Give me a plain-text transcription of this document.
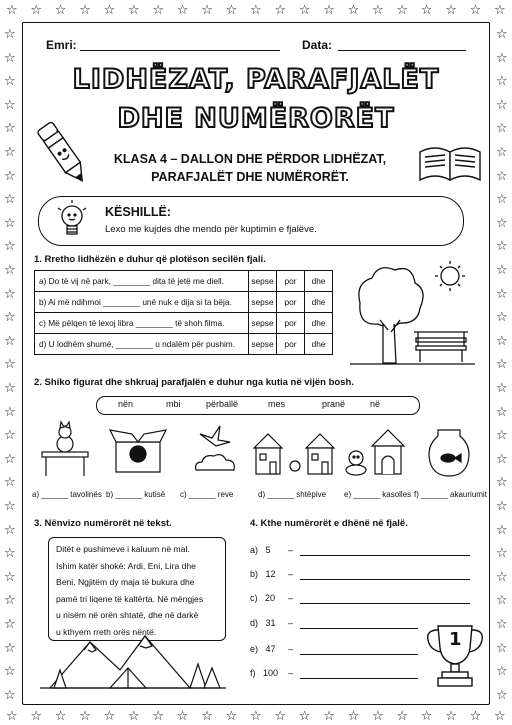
☆
☆
☆
☆
☆
☆
☆
☆
☆
☆
☆
☆
☆
☆
☆
☆
☆
☆
☆
☆
☆
☆
☆
☆
☆
☆
☆
☆
☆
☆
☆
☆
☆
☆
☆
☆
☆
☆
☆
☆
☆
☆
☆	☆
☆	☆
☆	☆
☆	☆
☆	☆
☆	☆
☆	☆
☆	☆
☆	☆
☆	☆
☆	☆
☆	☆
☆	☆
☆	☆
☆	☆
☆	☆
☆	☆
☆	☆
☆	☆
☆	☆
☆	☆
☆	☆
☆	☆
☆	☆
☆	☆
☆	☆
☆	☆
☆	☆
☆	☆
Emri:	Data:
LIDHËZAT, PARAFJALËT
DHE NUMËRORËT
KLASA 4 – DALLON DHE PËRDOR LIDHËZAT,
PARAFJALËT DHE NUMËRORËT.
KËSHILLË:
Lexo me kujdes dhe mendo për kuptimin e fjalëve.
1. Rretho lidhëzën e duhur që plotëson secilën fjali.
a) Do të vij në park, ________ dita të jetë me diell.	sepse	por	dhe
b) Ai më ndihmoi ________ unë nuk e dija si ta bëja.	sepse	por	dhe
c) Më pëlqen të lexoj libra ________ të shoh filma.	sepse	por	dhe
d) U lodhëm shumë, ________ u ndalëm për pushim.	sepse	por	dhe
2. Shiko figurat dhe shkruaj parafjalën e duhur nga kutia në vijën bosh.
nën	mbi	përballë	mes	pranë	në
a) ______ tavolinës b) ______ kutisë c) ______ reve	d) ______ shtëpive e) ______ kasolles f) ______ akauriumit
3. Nënvizo numërorët në tekst.
Ditët e pushimeve i kaluum në mal.
Ishim katër shokë: Ardi, Eni, Lira dhe
Beni. Ngjitëm dy maja të bukura dhe
pamë tri liqene të kaltërta. Në mëngjes
u nisëm në orën shtatë, dhe në darkë
u kthyem rreth orës nëntë.
4. Kthe numërorët e dhënë në fjalë.
a) 5 –
b) 12 –
c) 20 –
d) 31 –
e) 47 –
f) 100 –
1
